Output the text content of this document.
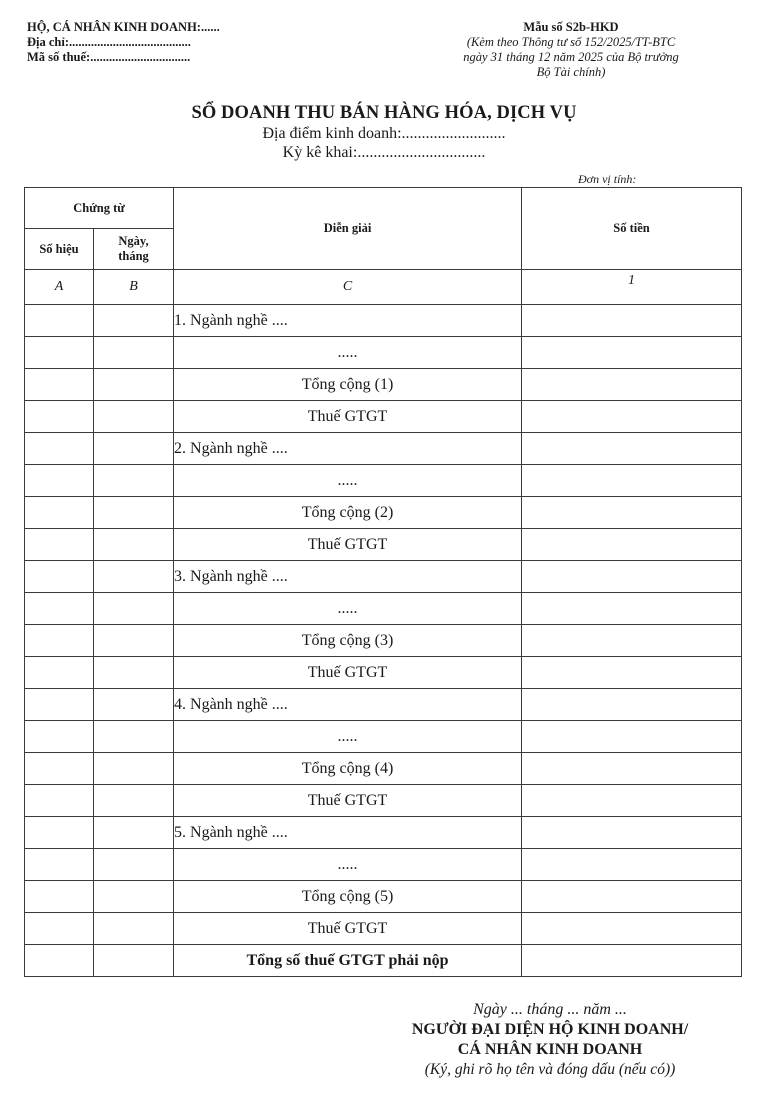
HỘ, CÁ NHÂN KINH DOANH:......
Địa chỉ:.......................................
Mã số thuế:................................
Mẫu số S2b-HKD
(Kèm theo Thông tư số 152/2025/TT-BTC
ngày 31 tháng 12 năm 2025 của Bộ trưởng
Bộ Tài chính)
SỔ DOANH THU BÁN HÀNG HÓA, DỊCH VỤ
Địa điểm kinh doanh:..........................
Kỳ kê khai:................................
Đơn vị tính:
Chứng từ		Diễn giải	Số tiền
Số hiệu	Ngày, tháng		
A	B	C	1
		1. Ngành nghề ....	
		.....	
		Tổng cộng (1)	
		Thuế GTGT	
		2. Ngành nghề ....	
		.....	
		Tổng cộng (2)	
		Thuế GTGT	
		3. Ngành nghề ....	
		.....	
		Tổng cộng (3)	
		Thuế GTGT	
		4. Ngành nghề ....	
		.....	
		Tổng cộng (4)	
		Thuế GTGT	
		5. Ngành nghề ....	
		.....	
		Tổng cộng (5)	
		Thuế GTGT	
		Tổng số thuế GTGT phải nộp	
Ngày ... tháng ... năm ...
NGƯỜI ĐẠI DIỆN HỘ KINH DOANH/
CÁ NHÂN KINH DOANH
(Ký, ghi rõ họ tên và đóng dấu (nếu có))
